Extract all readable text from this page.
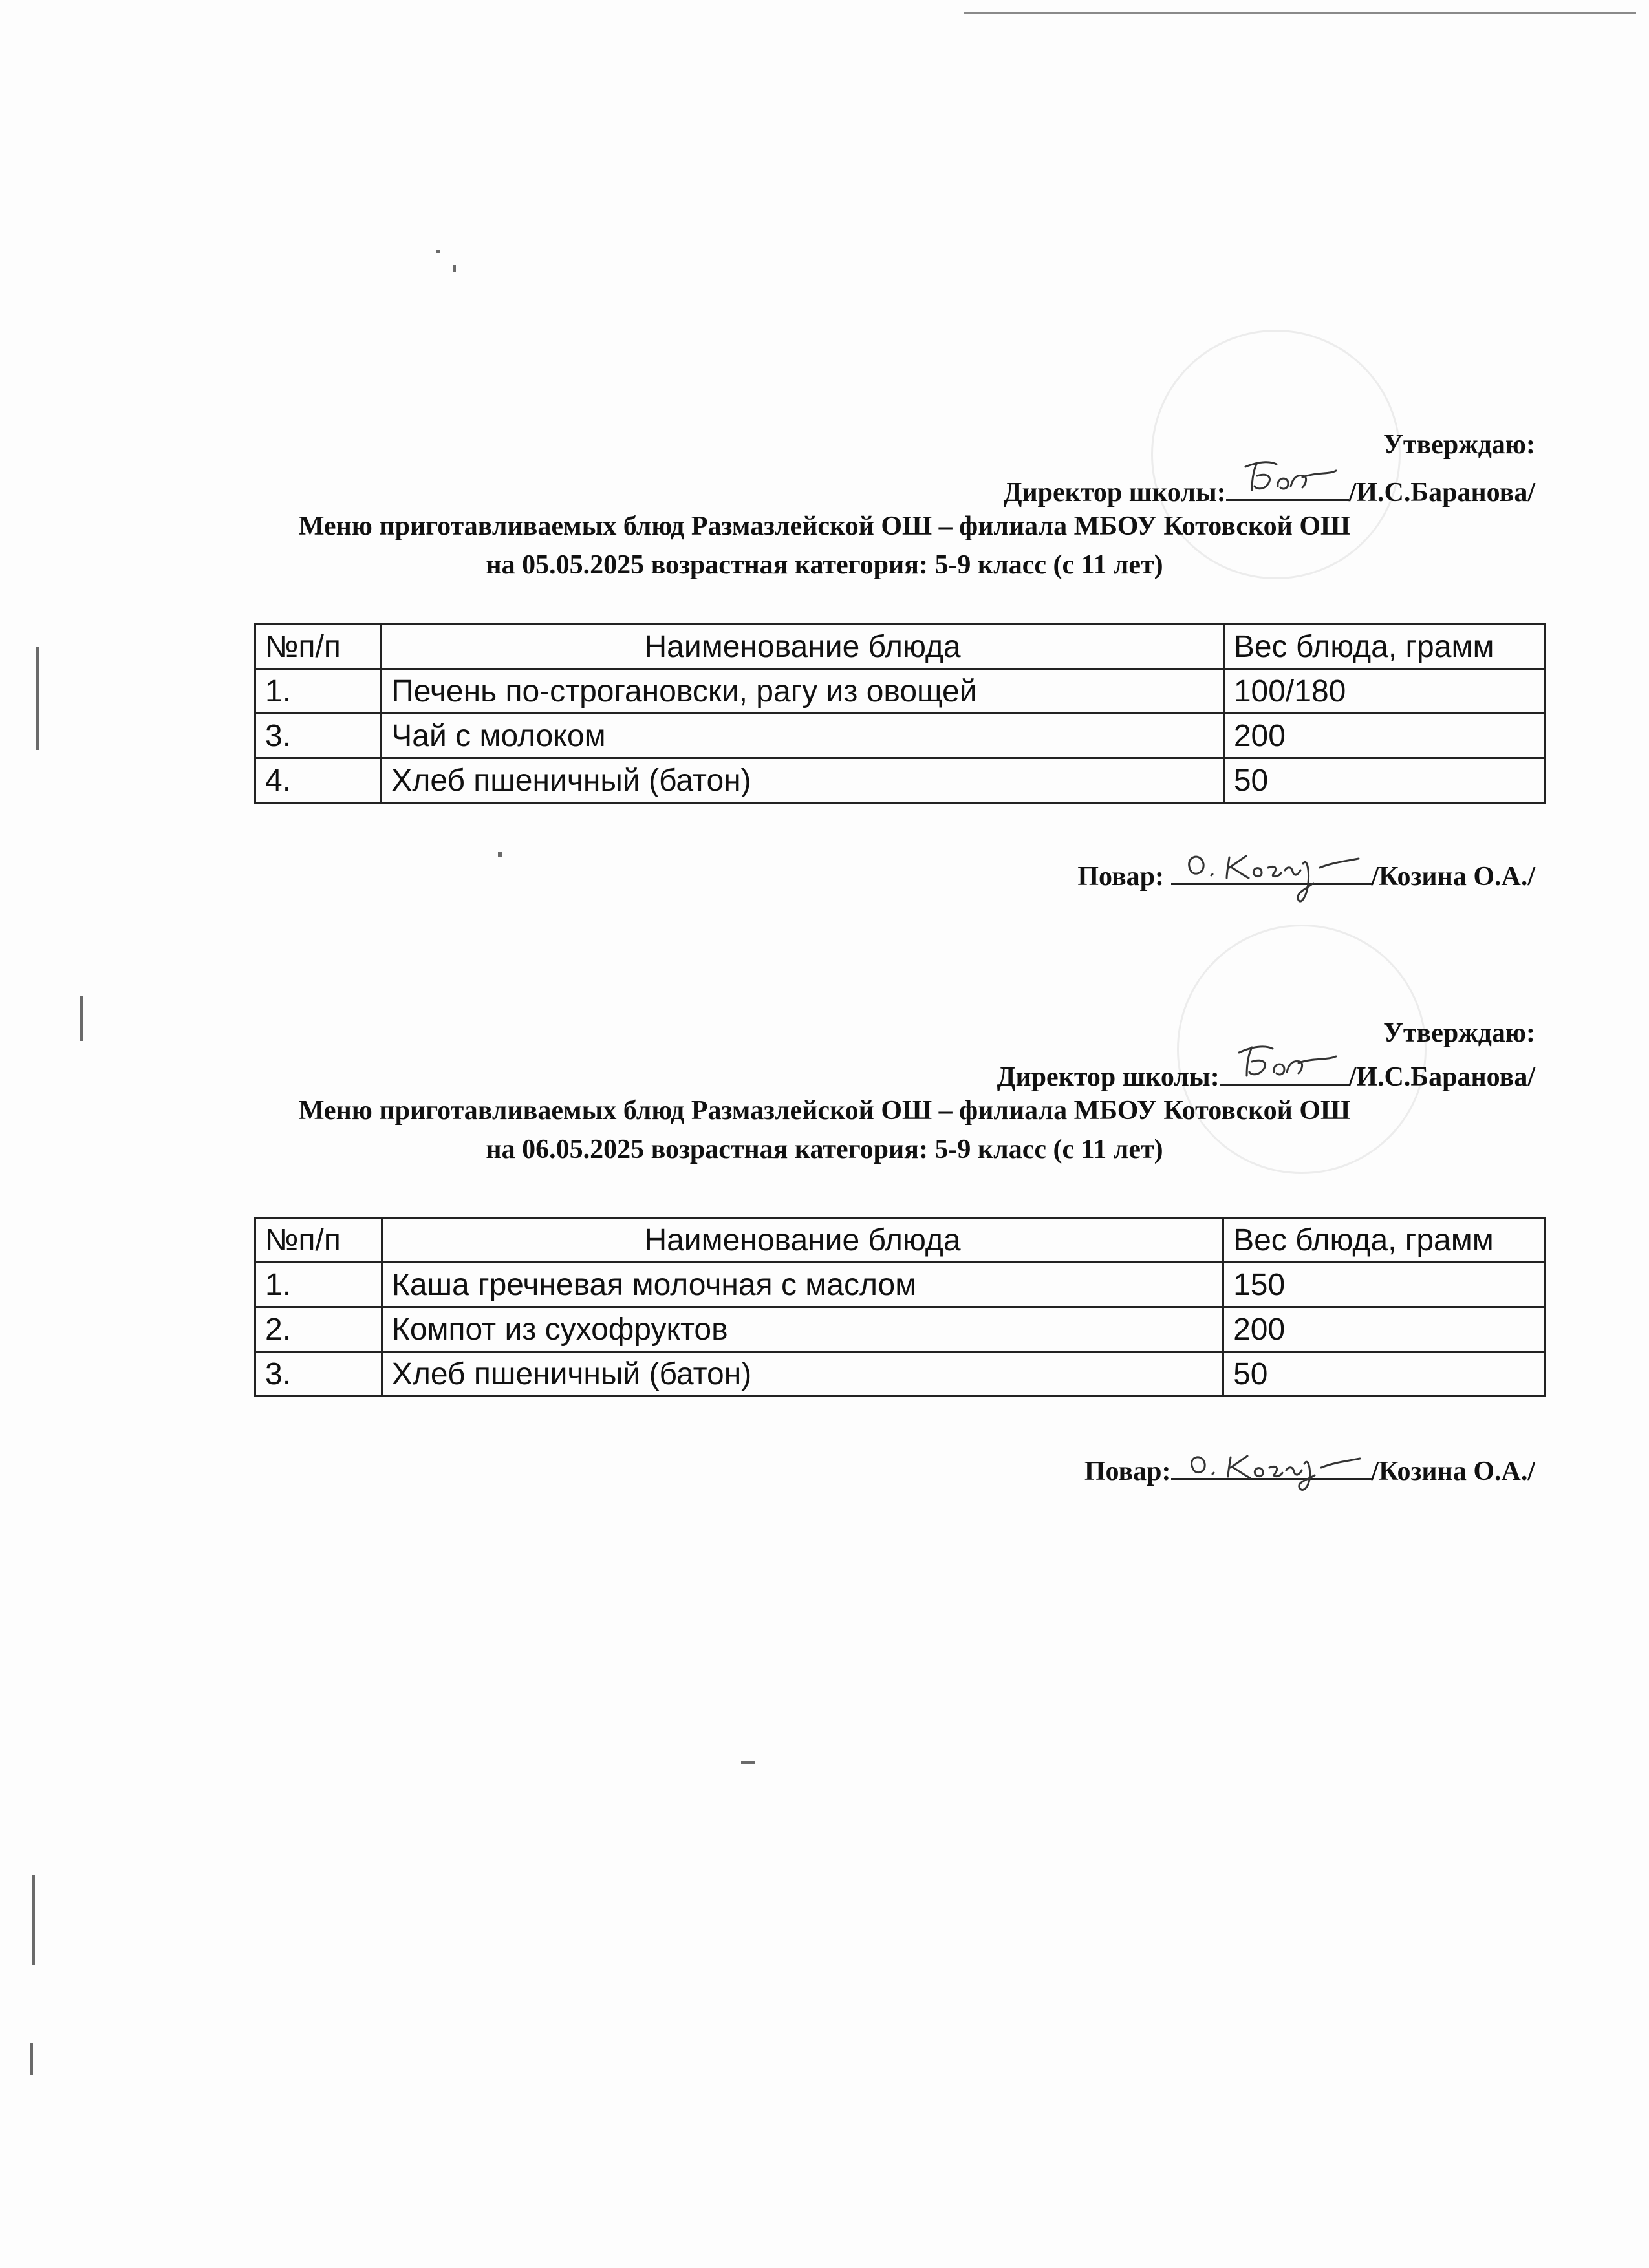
Утверждаю:
Директор школы:	/И.С.Баранова/
Меню приготавливаемых блюд Размазлейской ОШ – филиала МБОУ Котовской ОШ
на 05.05.2025 возрастная категория: 5-9 класс (с 11 лет)
№п/п	Наименование блюда	Вес блюда, грамм
1.	Печень по-строгановски, рагу из овощей	100/180
3.	Чай с молоком	200
4.	Хлеб пшеничный (батон)	50
Повар:	/Козина О.А./
Утверждаю:
Директор школы:	/И.С.Баранова/
Меню приготавливаемых блюд Размазлейской ОШ – филиала МБОУ Котовской ОШ
на 06.05.2025 возрастная категория: 5-9 класс (с 11 лет)
№п/п	Наименование блюда	Вес блюда, грамм
1.	Каша гречневая молочная с маслом	150
2.	Компот из сухофруктов	200
3.	Хлеб пшеничный (батон)	50
Повар:	/Козина О.А./
